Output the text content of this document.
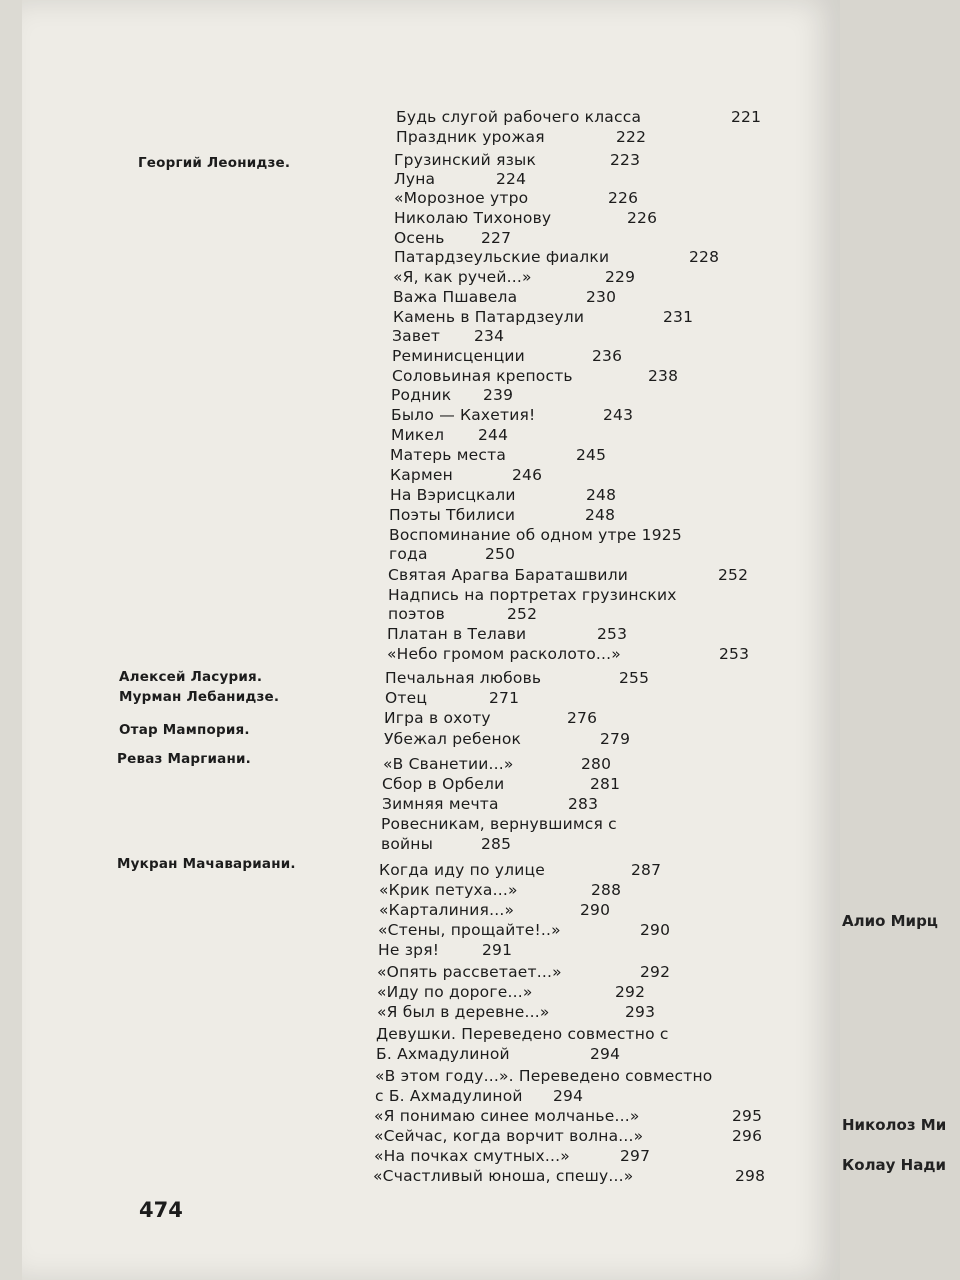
Георгий Леонидзе.
Алексей Ласурия.
Мурман Лебанидзе.
Отар Мампория.
Реваз Маргиани.
Мукран Мачавариани.
Будь слугой рабочего класса	221
Праздник урожая	222
Грузинский язык	223
Луна	224
«Морозное утро	226
Николаю Тихонову	226
Осень 227
Патардзеульские фиалки	228
«Я, как ручей...»	229
Важа Пшавела	230
Камень в Патардзеули	231
Завет 234
Реминисценции	236
Соловьиная крепость	238
Родник 239
Было — Кахетия!	243
Микел 244
Матерь места	245
Кармен	246
На Вэрисцкали	248
Поэты Тбилиси	248
Воспоминание об одном утре 1925
года	250
Святая Арагва Бараташвили	252
Надпись на портретах грузинских
поэтов	252
Платан в Телави	253
«Небо громом расколото...»	253
Печальная любовь	255
Отец	271
Игра в охоту	276
Убежал ребенок	279
«В Сванетии...»	280
Сбор в Орбели	281
Зимняя мечта	283
Ровесникам, вернувшимся с
войны	285
Когда иду по улице	287
«Крик петуха...»	288
«Карталиния...»	290
«Стены, прощайте!..»	290
Не зря!	291
«Опять рассветает...»	292
«Иду по дороге...»	292
«Я был в деревне...»	293
Девушки. Переведено совместно с
Б. Ахмадулиной	294
«В этом году...». Переведено совместно
с Б. Ахмадулиной 294
«Я понимаю синее молчанье...»	295
«Сейчас, когда ворчит волна...»	296
«На почках смутных...»	297
«Счастливый юноша, спешу...»	298
474
Алио Мирц
Николоз Ми
Колау Нади
